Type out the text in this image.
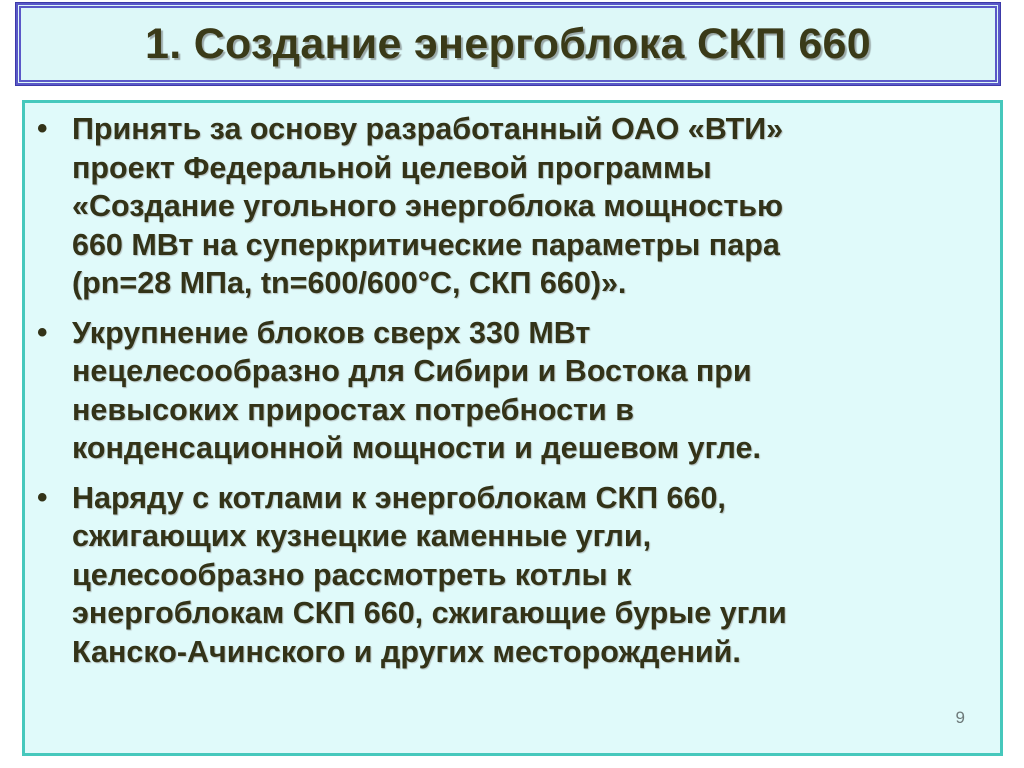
1. Создание энергоблока СКП 660
• Принять за основу разработанный ОАО «ВТИ»
проект Федеральной целевой программы
«Создание угольного энергоблока мощностью
660 МВт на суперкритические параметры пара
(pn=28 МПа, tn=600/600°С, СКП 660)».
• Укрупнение блоков сверх 330 МВт
нецелесообразно для Сибири и Востока при
невысоких приростах потребности в
конденсационной мощности и дешевом угле.
• Наряду с котлами к энергоблокам СКП 660,
сжигающих кузнецкие каменные угли,
целесообразно рассмотреть котлы к
энергоблокам СКП 660, сжигающие бурые угли
Канско-Ачинского и других месторождений.
9
